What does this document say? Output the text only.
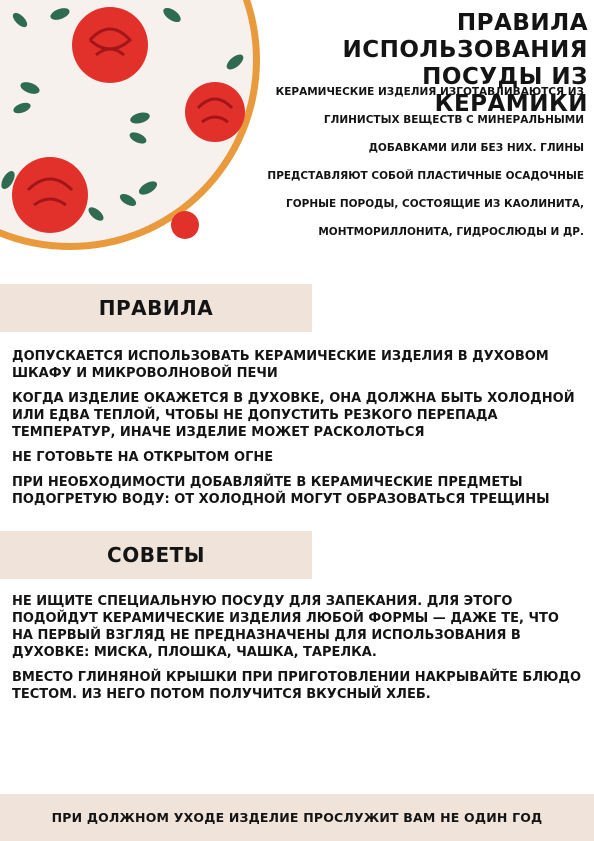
ПРАВИЛА ИСПОЛЬЗОВАНИЯ
ПОСУДЫ ИЗ КЕРАМИКИ

КЕРАМИЧЕСКИЕ ИЗДЕЛИЯ ИЗГОТАВЛИВАЮТСЯ ИЗ ГЛИНИСТЫХ ВЕЩЕСТВ С МИНЕРАЛЬНЫМИ ДОБАВКАМИ ИЛИ БЕЗ НИХ. ГЛИНЫ ПРЕДСТАВЛЯЮТ СОБОЙ ПЛАСТИЧНЫЕ ОСАДОЧНЫЕ ГОРНЫЕ ПОРОДЫ, СОСТОЯЩИЕ ИЗ КАОЛИНИТА, МОНТМОРИЛЛОНИТА, ГИДРОСЛЮДЫ И ДР.

ПРАВИЛА
ДОПУСКАЕТСЯ ИСПОЛЬЗОВАТЬ КЕРАМИЧЕСКИЕ ИЗДЕЛИЯ В ДУХОВОМ ШКАФУ И МИКРОВОЛНОВОЙ ПЕЧИ
КОГДА ИЗДЕЛИЕ ОКАЖЕТСЯ В ДУХОВКЕ, ОНА ДОЛЖНА БЫТЬ ХОЛОДНОЙ ИЛИ ЕДВА ТЕПЛОЙ, ЧТОБЫ НЕ ДОПУСТИТЬ РЕЗКОГО ПЕРЕПАДА ТЕМПЕРАТУР, ИНАЧЕ ИЗДЕЛИЕ МОЖЕТ РАСКОЛОТЬСЯ
НЕ ГОТОВЬТЕ НА ОТКРЫТОМ ОГНЕ
ПРИ НЕОБХОДИМОСТИ ДОБАВЛЯЙТЕ В КЕРАМИЧЕСКИЕ ПРЕДМЕТЫ ПОДОГРЕТУЮ ВОДУ: ОТ ХОЛОДНОЙ МОГУТ ОБРАЗОВАТЬСЯ ТРЕЩИНЫ
СОВЕТЫ
НЕ ИЩИТЕ СПЕЦИАЛЬНУЮ ПОСУДУ ДЛЯ ЗАПЕКАНИЯ. ДЛЯ ЭТОГО ПОДОЙДУТ КЕРАМИЧЕСКИЕ ИЗДЕЛИЯ ЛЮБОЙ ФОРМЫ — ДАЖЕ ТЕ, ЧТО НА ПЕРВЫЙ ВЗГЛЯД НЕ ПРЕДНАЗНАЧЕНЫ ДЛЯ ИСПОЛЬЗОВАНИЯ В ДУХОВКЕ: МИСКА, ПЛОШКА, ЧАШКА, ТАРЕЛКА.
ВМЕСТО ГЛИНЯНОЙ КРЫШКИ ПРИ ПРИГОТОВЛЕНИИ НАКРЫВАЙТЕ БЛЮДО ТЕСТОМ. ИЗ НЕГО ПОТОМ ПОЛУЧИТСЯ ВКУСНЫЙ ХЛЕБ.
ПРИ ДОЛЖНОМ УХОДЕ ИЗДЕЛИЕ ПРОСЛУЖИТ ВАМ НЕ ОДИН ГОД
